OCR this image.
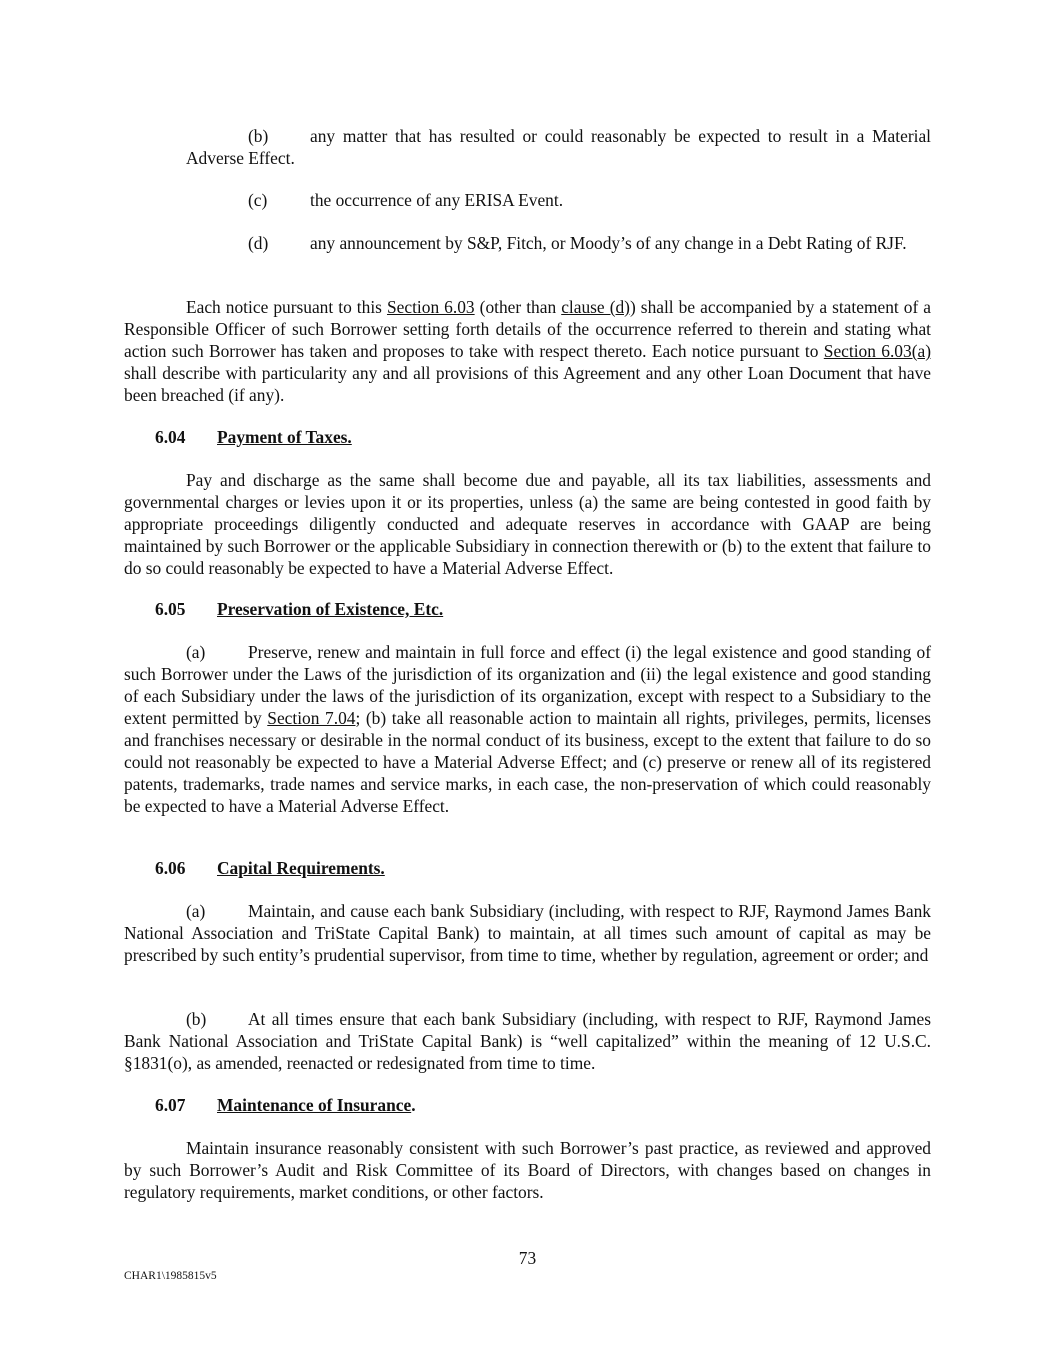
(b) any matter that has resulted or could reasonably be expected to result in a Material Adverse Effect.
(c) the occurrence of any ERISA Event.
(d) any announcement by S&P, Fitch, or Moody’s of any change in a Debt Rating of RJF.
Each notice pursuant to this Section 6.03 (other than clause (d)) shall be accompanied by a statement of a Responsible Officer of such Borrower setting forth details of the occurrence referred to therein and stating what action such Borrower has taken and proposes to take with respect thereto. Each notice pursuant to Section 6.03(a) shall describe with particularity any and all provisions of this Agreement and any other Loan Document that have been breached (if any).
6.04 Payment of Taxes.
Pay and discharge as the same shall become due and payable, all its tax liabilities, assessments and governmental charges or levies upon it or its properties, unless (a) the same are being contested in good faith by appropriate proceedings diligently conducted and adequate reserves in accordance with GAAP are being maintained by such Borrower or the applicable Subsidiary in connection therewith or (b) to the extent that failure to do so could reasonably be expected to have a Material Adverse Effect.
6.05 Preservation of Existence, Etc.
(a) Preserve, renew and maintain in full force and effect (i) the legal existence and good standing of such Borrower under the Laws of the jurisdiction of its organization and (ii) the legal existence and good standing of each Subsidiary under the laws of the jurisdiction of its organization, except with respect to a Subsidiary to the extent permitted by Section 7.04; (b) take all reasonable action to maintain all rights, privileges, permits, licenses and franchises necessary or desirable in the normal conduct of its business, except to the extent that failure to do so could not reasonably be expected to have a Material Adverse Effect; and (c) preserve or renew all of its registered patents, trademarks, trade names and service marks, in each case, the non-preservation of which could reasonably be expected to have a Material Adverse Effect.
6.06 Capital Requirements.
(a) Maintain, and cause each bank Subsidiary (including, with respect to RJF, Raymond James Bank National Association and TriState Capital Bank) to maintain, at all times such amount of capital as may be prescribed by such entity’s prudential supervisor, from time to time, whether by regulation, agreement or order; and
(b) At all times ensure that each bank Subsidiary (including, with respect to RJF, Raymond James Bank National Association and TriState Capital Bank) is “well capitalized” within the meaning of 12 U.S.C. §1831(o), as amended, reenacted or redesignated from time to time.
6.07 Maintenance of Insurance.
Maintain insurance reasonably consistent with such Borrower’s past practice, as reviewed and approved by such Borrower’s Audit and Risk Committee of its Board of Directors, with changes based on changes in regulatory requirements, market conditions, or other factors.
73
CHAR1\1985815v5
